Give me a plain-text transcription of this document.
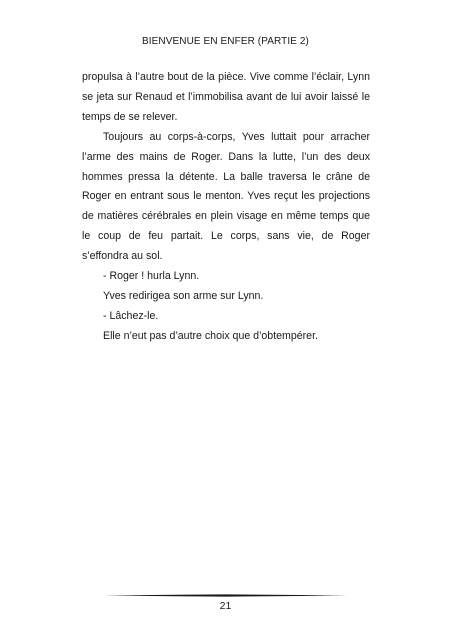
BIENVENUE EN ENFER (PARTIE 2)

propulsa à l’autre bout de la pièce. Vive comme l’éclair, Lynn se jeta sur Renaud et l’immobilisa avant de lui avoir laissé le temps de se relever.

Toujours au corps-à-corps, Yves luttait pour arracher l’arme des mains de Roger. Dans la lutte, l’un des deux hommes pressa la détente. La balle traversa le crâne de Roger en entrant sous le menton. Yves reçut les projections de matières cérébrales en plein visage en même temps que le coup de feu partait. Le corps, sans vie, de Roger s’effondra au sol.

- Roger ! hurla Lynn.

Yves redirigea son arme sur Lynn.

- Lâchez-le.

Elle n’eut pas d’autre choix que d’obtempérer.

21
